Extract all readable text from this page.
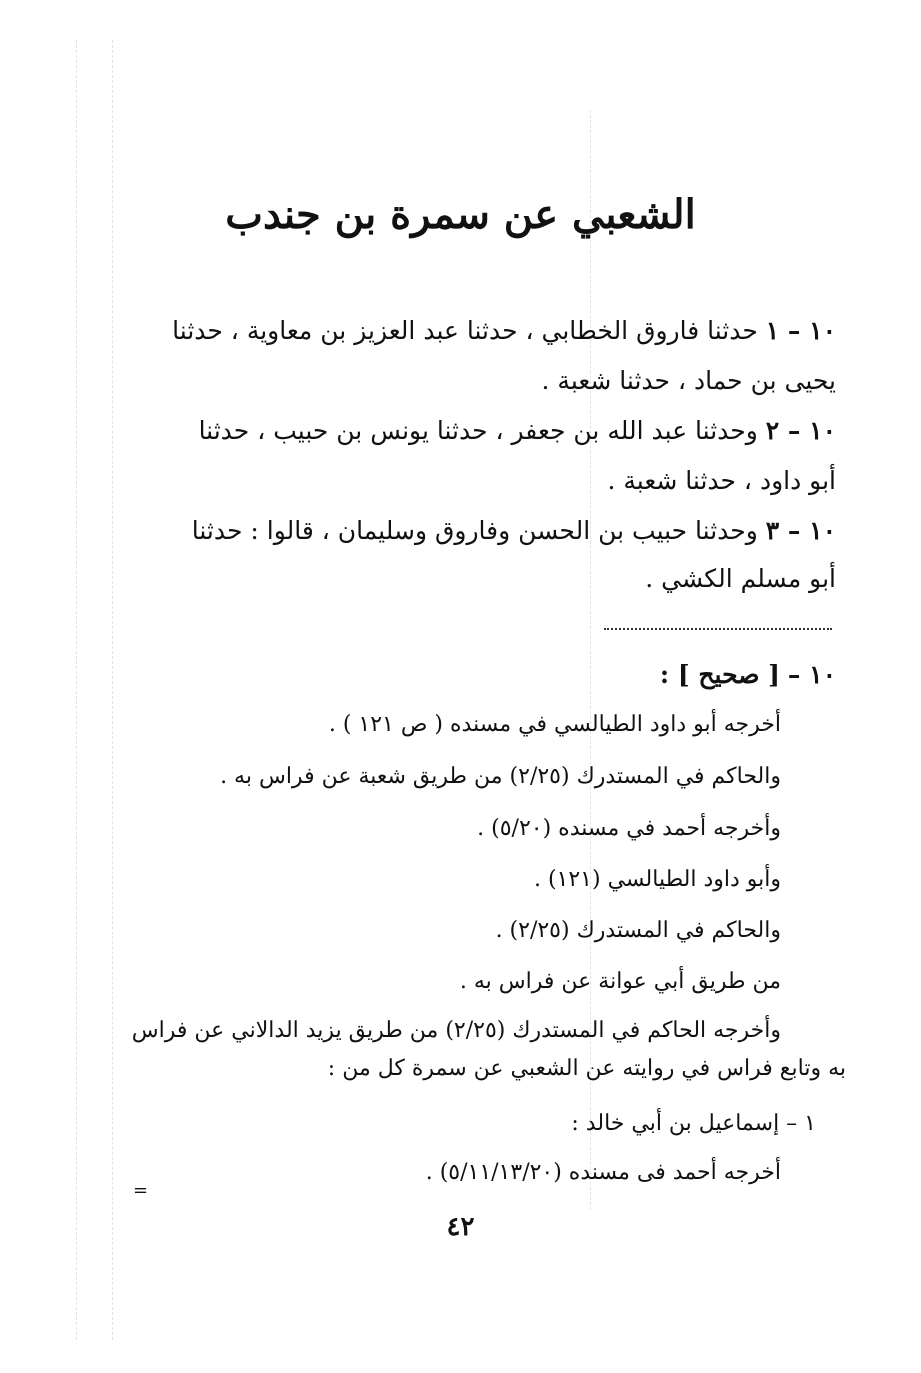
الشعبي عن سمرة بن جندب
١٠ – ١ حدثنا فاروق الخطابي ، حدثنا عبد العزيز بن معاوية ، حدثنا
يحيى بن حماد ، حدثنا شعبة .
١٠ – ٢ وحدثنا عبد الله بن جعفر ، حدثنا يونس بن حبيب ، حدثنا
أبو داود ، حدثنا شعبة .
١٠ – ٣ وحدثنا حبيب بن الحسن وفاروق وسليمان ، قالوا : حدثنا
أبو مسلم الكشي .
١٠ – [ صحيح ] :
أخرجه أبو داود الطيالسي في مسنده ( ص ١٢١ ) .
والحاكم في المستدرك (٢/٢٥) من طريق شعبة عن فراس به .
وأخرجه أحمد في مسنده (٥/٢٠) .
وأبو داود الطيالسي (١٢١) .
والحاكم في المستدرك (٢/٢٥) .
من طريق أبي عوانة عن فراس به .
وأخرجه الحاكم في المستدرك (٢/٢٥) من طريق يزيد الدالاني عن فراس
به وتابع فراس في روايته عن الشعبي عن سمرة كل من :
١ – إسماعيل بن أبي خالد :
أخرجه أحمد فى مسنده (٥/١١/١٣/٢٠) .
=
٤٢
